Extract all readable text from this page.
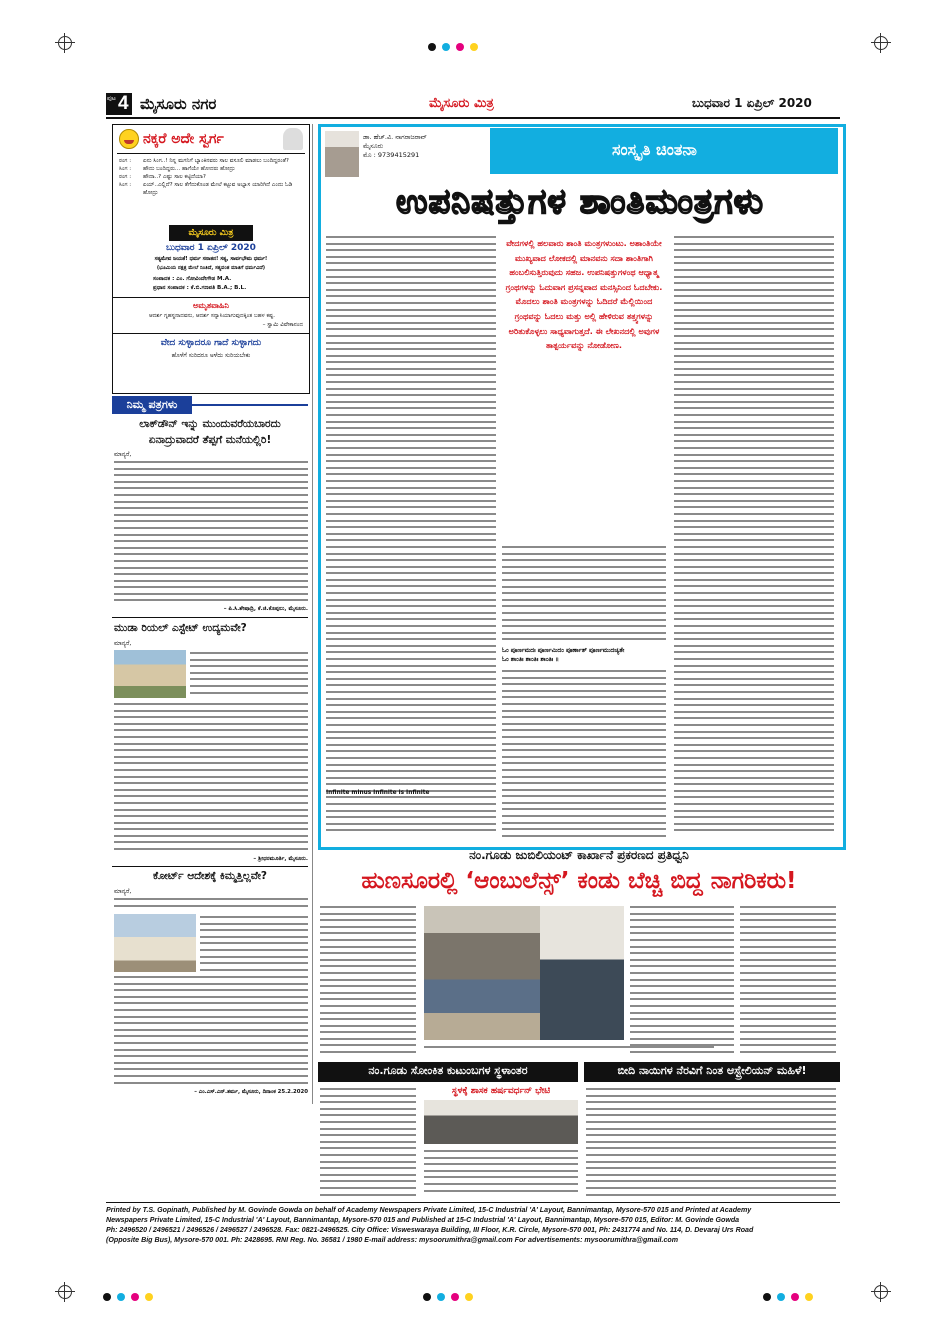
ಪುಟ 4 ಮೈಸೂರು ನಗರ	ಮೈಸೂರು ಮಿತ್ರ	ಬುಧವಾರ 1 ಏಪ್ರಿಲ್ 2020
ನಕ್ಕರೆ ಅದೇ ಸ್ವರ್ಗ
ರಂಗ :	ಏನು ಸಿಂಗ..! ನಿನ್ನ ಮಗನಿಗೆ ಬ್ಯಾಂಕಿನವರು ಸಾಲ ವಸೂಲಿ ಮಾಡಲು ಬಂದಿದ್ದರಂತೆ?
ಸಿಂಗ :	ಹೌದು ಬಂದಿದ್ದರು... ಹಾಗೆಯೇ ಹೋದರು ಹೋದ್ರು
ರಂಗ :	ಹೌದಾ..? ಎಷ್ಟು ಸಾಲ ಕಟ್ಟಿದೆಯಾ?
ಸಿಂಗ :	ಏಯ್..ಎಲ್ಲಿದೆ? ಸಾಲ ತೆಗೆದುಕೊಂಡ ಮೇಲೆ ಕಟ್ಟುವ ಅಭ್ಯಾಸ ಯಾರಿಗಿದೆ ಎಂದು ಓಡಿ ಹೋದ್ರು
ಮೈಸೂರು ಮಿತ್ರ
ಬುಧವಾರ 1 ಏಪ್ರಿಲ್ 2020
ಸತ್ಯಮೇವ ಜಯತೆ! ಧರ್ಮ ಸನಾತನ! ಸತ್ಯ, ಸಾರ್ವಭೌಮ ಧರ್ಮ!
(ಭೂಮಿಯ ನಕ್ಷತ್ರ ಮೇಲೆ ನಿಂತಿದೆ, ಸತ್ಯವಂತ ಮಾತಿಗೆ ಧರ್ಮವಿದೆ)
ಸಂಪಾದಕ : ಎಂ. ಗೋವಿಂದೇಗೌಡ M.A.
ಪ್ರಧಾನ ಸಂಪಾದಕ : ಕೆ.ಬಿ.ಗಣಪತಿ B.A.; B.L.
ಅಮೃತವಾಹಿನಿ
ಆದರ್ಶ ಗೃಹಸ್ಥನಾದವನು, ಆದರ್ಶ ಸನ್ಯಾಸಿಯಾಗುವುದಕ್ಕಿಂತ ಬಹಳ ಕಷ್ಟ.
– ಸ್ವಾಮಿ ವಿವೇಕಾನಂದ
ವೇದ ಸುಳ್ಳಾದರೂ ಗಾದೆ ಸುಳ್ಳಾಗದು
ಹೊಳೆಗೆ ಸುರಿದರೂ ಅಳೆದು ಸುರಿಯಬೇಕು
ನಿಮ್ಮ ಪತ್ರಗಳು
ಲಾಕ್‌ಡೌನ್ ಇನ್ನು ಮುಂದುವರೆಯಬಾರದು
ಏನಾದ್ರುವಾದರೆ ತೆಪ್ಪಗೆ ಮನೆಯಲ್ಲಿರಿ!
ಮಾನ್ಯರೆ,
– ಪಿ.ಸಿ.ಶೇಷಾದ್ರಿ, ಕೆ.ಜಿ.ಕೊಪ್ಪಲು, ಮೈಸೂರು.
ಮುಡಾ ರಿಯಲ್ ಎಸ್ಟೇಟ್ ಉದ್ಯಮವೇ?
ಮಾನ್ಯರೆ,
– ಶ್ರೀಧರಮೂರ್ತಿ, ಮೈಸೂರು.
ಕೋರ್ಟ್ ಆದೇಶಕ್ಕೆ ಕಿಮ್ಮತ್ತಿಲ್ಲವೇ?
ಮಾನ್ಯರೆ,
– ಎಂ.ಎಸ್.ಎನ್.ಶರ್ಮ, ಮೈಸೂರು, ದಿನಾಂಕ 25.2.2020
ಡಾ. ಹೆಚ್.ವಿ. ನಾಗರಾಜರಾವ್
ಮೈಸೂರು
ಮೊ : 9739415291	ಸಂಸ್ಕೃತಿ ಚಿಂತನಾ
ಉಪನಿಷತ್ತುಗಳ ಶಾಂತಿಮಂತ್ರಗಳು
ವೇದಗಳಲ್ಲಿ ಹಲವಾರು ಶಾಂತಿ ಮಂತ್ರಗಳುಂಟು. ಅಶಾಂತಿಯೇ ಮುಖ್ಯವಾದ ಲೋಕದಲ್ಲಿ ಮಾನವನು ಸದಾ ಶಾಂತಿಗಾಗಿ ಹಂಬಲಿಸುತ್ತಿರುವುದು ಸಹಜ. ಉಪನಿಷತ್ತುಗಳಂಥ ಆಧ್ಯಾತ್ಮ ಗ್ರಂಥಗಳನ್ನು ಓದುವಾಗ ಪ್ರಸನ್ನವಾದ ಮನಸ್ಸಿನಿಂದ ಓದಬೇಕು. ಮೊದಲು ಶಾಂತಿ ಮಂತ್ರಗಳನ್ನು ಓದಿದರೆ ಮೆಲ್ಲಿಯಿಂದ ಗ್ರಂಥವನ್ನು ಓದಲು ಮತ್ತು ಅಲ್ಲಿ ಹೇಳಿರುವ ತತ್ತ್ವಗಳನ್ನು ಅರಿತುಕೊಳ್ಳಲು ಸಾಧ್ಯವಾಗುತ್ತದೆ. ಈ ಲೇಖನದಲ್ಲಿ ಅವುಗಳ ತಾತ್ಪರ್ಯವನ್ನು ನೋಡೋಣ.
ಓಂ ಪೂರ್ಣಮದಃ ಪೂರ್ಣಮಿದಂ ಪೂರ್ಣಾತ್ ಪೂರ್ಣಮುದಚ್ಯತೇ
ಓಂ ಶಾಂತಿಃ ಶಾಂತಿಃ ಶಾಂತಿಃ ॥
Infinite minus Infinite is Infinite
ನಂ.ಗೂಡು ಜುಬಿಲಿಯಂಟ್ ಕಾರ್ಖಾನೆ ಪ್ರಕರಣದ ಪ್ರತಿಧ್ವನಿ
ಹುಣಸೂರಲ್ಲಿ ‘ಆಂಬುಲೆನ್ಸ್’ ಕಂಡು ಬೆಚ್ಚಿ ಬಿದ್ದ ನಾಗರಿಕರು!
ನಂ.ಗೂಡು ಸೋಂಕಿತ ಕುಟುಂಬಗಳ ಸ್ಥಳಾಂತರ
ಸ್ಥಳಕ್ಕೆ ಶಾಸಕ ಹರ್ಷವರ್ಧನ್ ಭೇಟಿ
ಬೀದಿ ನಾಯಿಗಳ ನೆರವಿಗೆ ನಿಂತ ಆಸ್ಟ್ರೇಲಿಯನ್ ಮಹಿಳೆ!
Printed by T.S. Gopinath, Published by M. Govinde Gowda on behalf of Academy Newspapers Private Limited, 15-C Industrial 'A' Layout, Bannimantap, Mysore-570 015 and Printed at Academy
Newspapers Private Limited, 15-C Industrial 'A' Layout, Bannimantap, Mysore-570 015 and Published at 15-C Industrial 'A' Layout, Bannimantap, Mysore-570 015, Editor: M. Govinde Gowda
Ph: 2496520 / 2496521 / 2496526 / 2496527 / 2496528. Fax: 0821-2496525. City Office: Visweswaraya Building, III Floor, K.R. Circle, Mysore-570 001, Ph: 2431774 and No. 114, D. Devaraj Urs Road
(Opposite Big Bus), Mysore-570 001. Ph: 2428695. RNI Reg. No. 36581 / 1980 E-mail address: mysoorumithra@gmail.com For advertisements: mysoorumithra@gmail.com
